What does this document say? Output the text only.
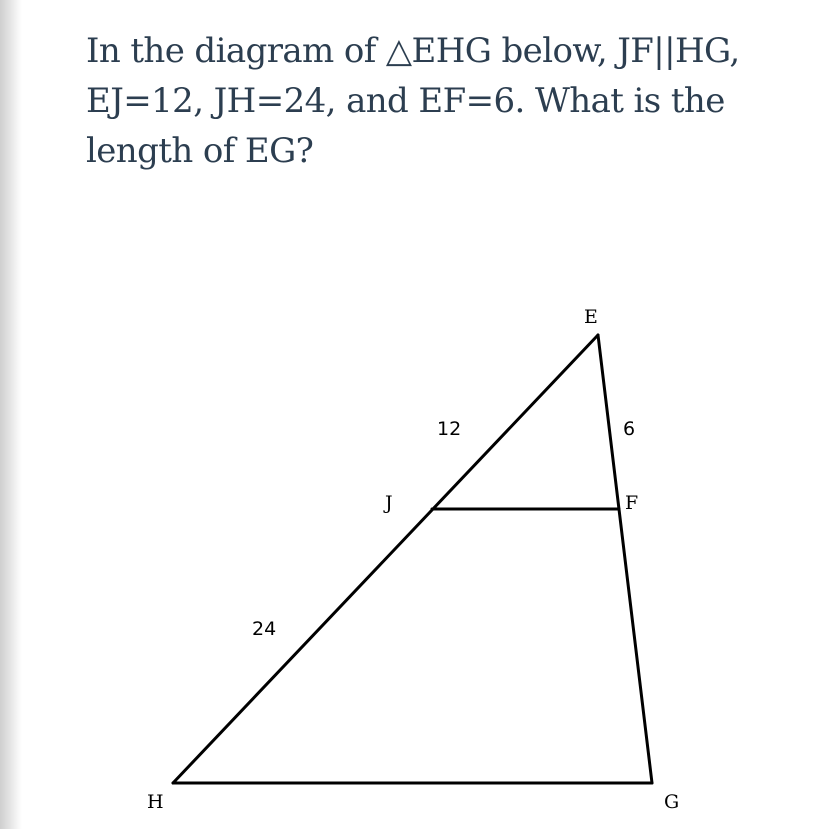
In the diagram of △EHG below, JF||HG, EJ=12, JH=24, and EF=6. What is the length of EG?

E
J	F
H	G
12	6
24
